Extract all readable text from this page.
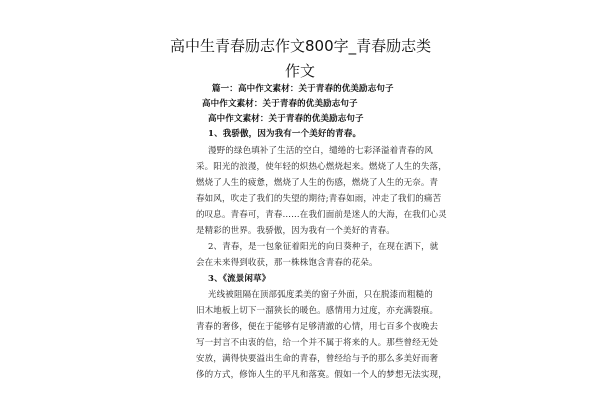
高中生青春励志作文800字_青春励志类
作文
篇一：高中作文素材：关于青春的优美励志句子
高中作文素材：关于青春的优美励志句子
高中作文素材：关于青春的优美励志句子
1、我骄傲，因为我有一个美好的青春。
漫野的绿色填补了生活的空白，缱绻的七彩泽溢着青春的风
采。阳光的浪漫，使年轻的炽热心燃烧起来。燃烧了人生的失落，
燃烧了人生的疲惫，燃烧了人生的伤感，燃烧了人生的无奈。青
春如风，吹走了我们的失望的期待;青春如雨，冲走了我们的痛苦
的叹息。青春可，青春……在我们面前是迷人的大海，在我们心灵
是精彩的世界。我骄傲，因为我有一个美好的青春。
2、青春，是一包象征着阳光的向日葵种子，在现在洒下，就
会在未来得到收获，那一株株饱含青春的花朵。
3、《流景闲草》
光线被阻隔在顶部弧度柔美的窗子外面，只在脱漆而粗糙的
旧木地板上切下一溜狭长的暖色。感情用力过度，亦充满裂痕。
青春的奢侈，便在于能够有足够清澈的心情，用七百多个夜晚去
写一封言不由衷的信，给一个并不属于将来的人。那些曾经无处
安放，满得快要溢出生命的青春，曾经给与予的那么多美好而奢
侈的方式，修饰人生的平凡和落寞。假如一个人的梦想无法实现，
